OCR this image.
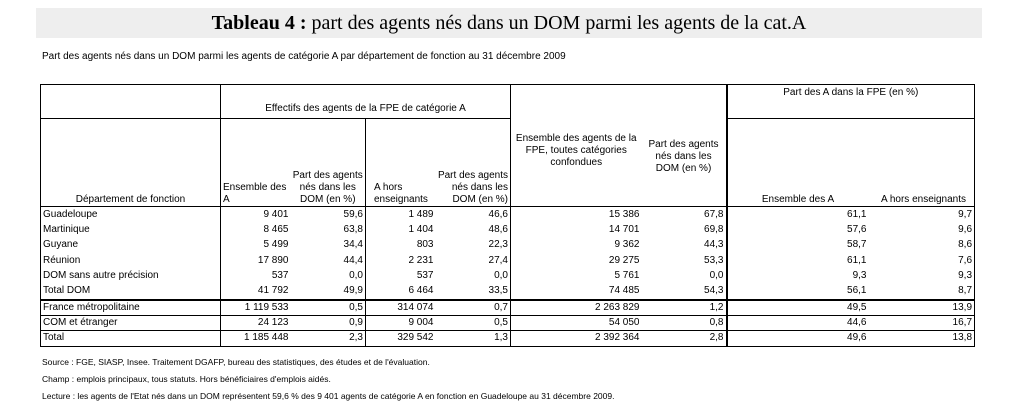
Tableau 4 : part des agents nés dans un DOM parmi les agents de la cat.A
Part des agents nés dans un DOM parmi les agents de catégorie A par département de fonction au 31 décembre 2009
	Effectifs des agents de la FPE de catégorie A						Part des A dans la FPE (en %)	
Département de fonction	Ensemble des A	Part des agents nés dans les DOM (en %)	A hors enseignants	Part des agents nés dans les DOM (en %)	Ensemble des agents de la FPE, toutes catégories confondues	Part des agents nés dans les DOM (en %)	Ensemble des A	A hors enseignants
Guadeloupe	9 401	59,6	1 489	46,6	15 386	67,8	61,1	9,7
Martinique	8 465	63,8	1 404	48,6	14 701	69,8	57,6	9,6
Guyane	5 499	34,4	803	22,3	9 362	44,3	58,7	8,6
Réunion	17 890	44,4	2 231	27,4	29 275	53,3	61,1	7,6
DOM sans autre précision	537	0,0	537	0,0	5 761	0,0	9,3	9,3
Total DOM	41 792	49,9	6 464	33,5	74 485	54,3	56,1	8,7
France métropolitaine	1 119 533	0,5	314 074	0,7	2 263 829	1,2	49,5	13,9
COM et étranger	24 123	0,9	9 004	0,5	54 050	0,8	44,6	16,7
Total	1 185 448	2,3	329 542	1,3	2 392 364	2,8	49,6	13,8
Source : FGE, SIASP, Insee. Traitement DGAFP, bureau des statistiques, des études et de l'évaluation.
Champ : emplois principaux, tous statuts. Hors bénéficiaires d'emplois aidés.
Lecture : les agents de l'Etat nés dans un DOM représentent 59,6 % des 9 401 agents de catégorie A en fonction en Guadeloupe au 31 décembre 2009.
